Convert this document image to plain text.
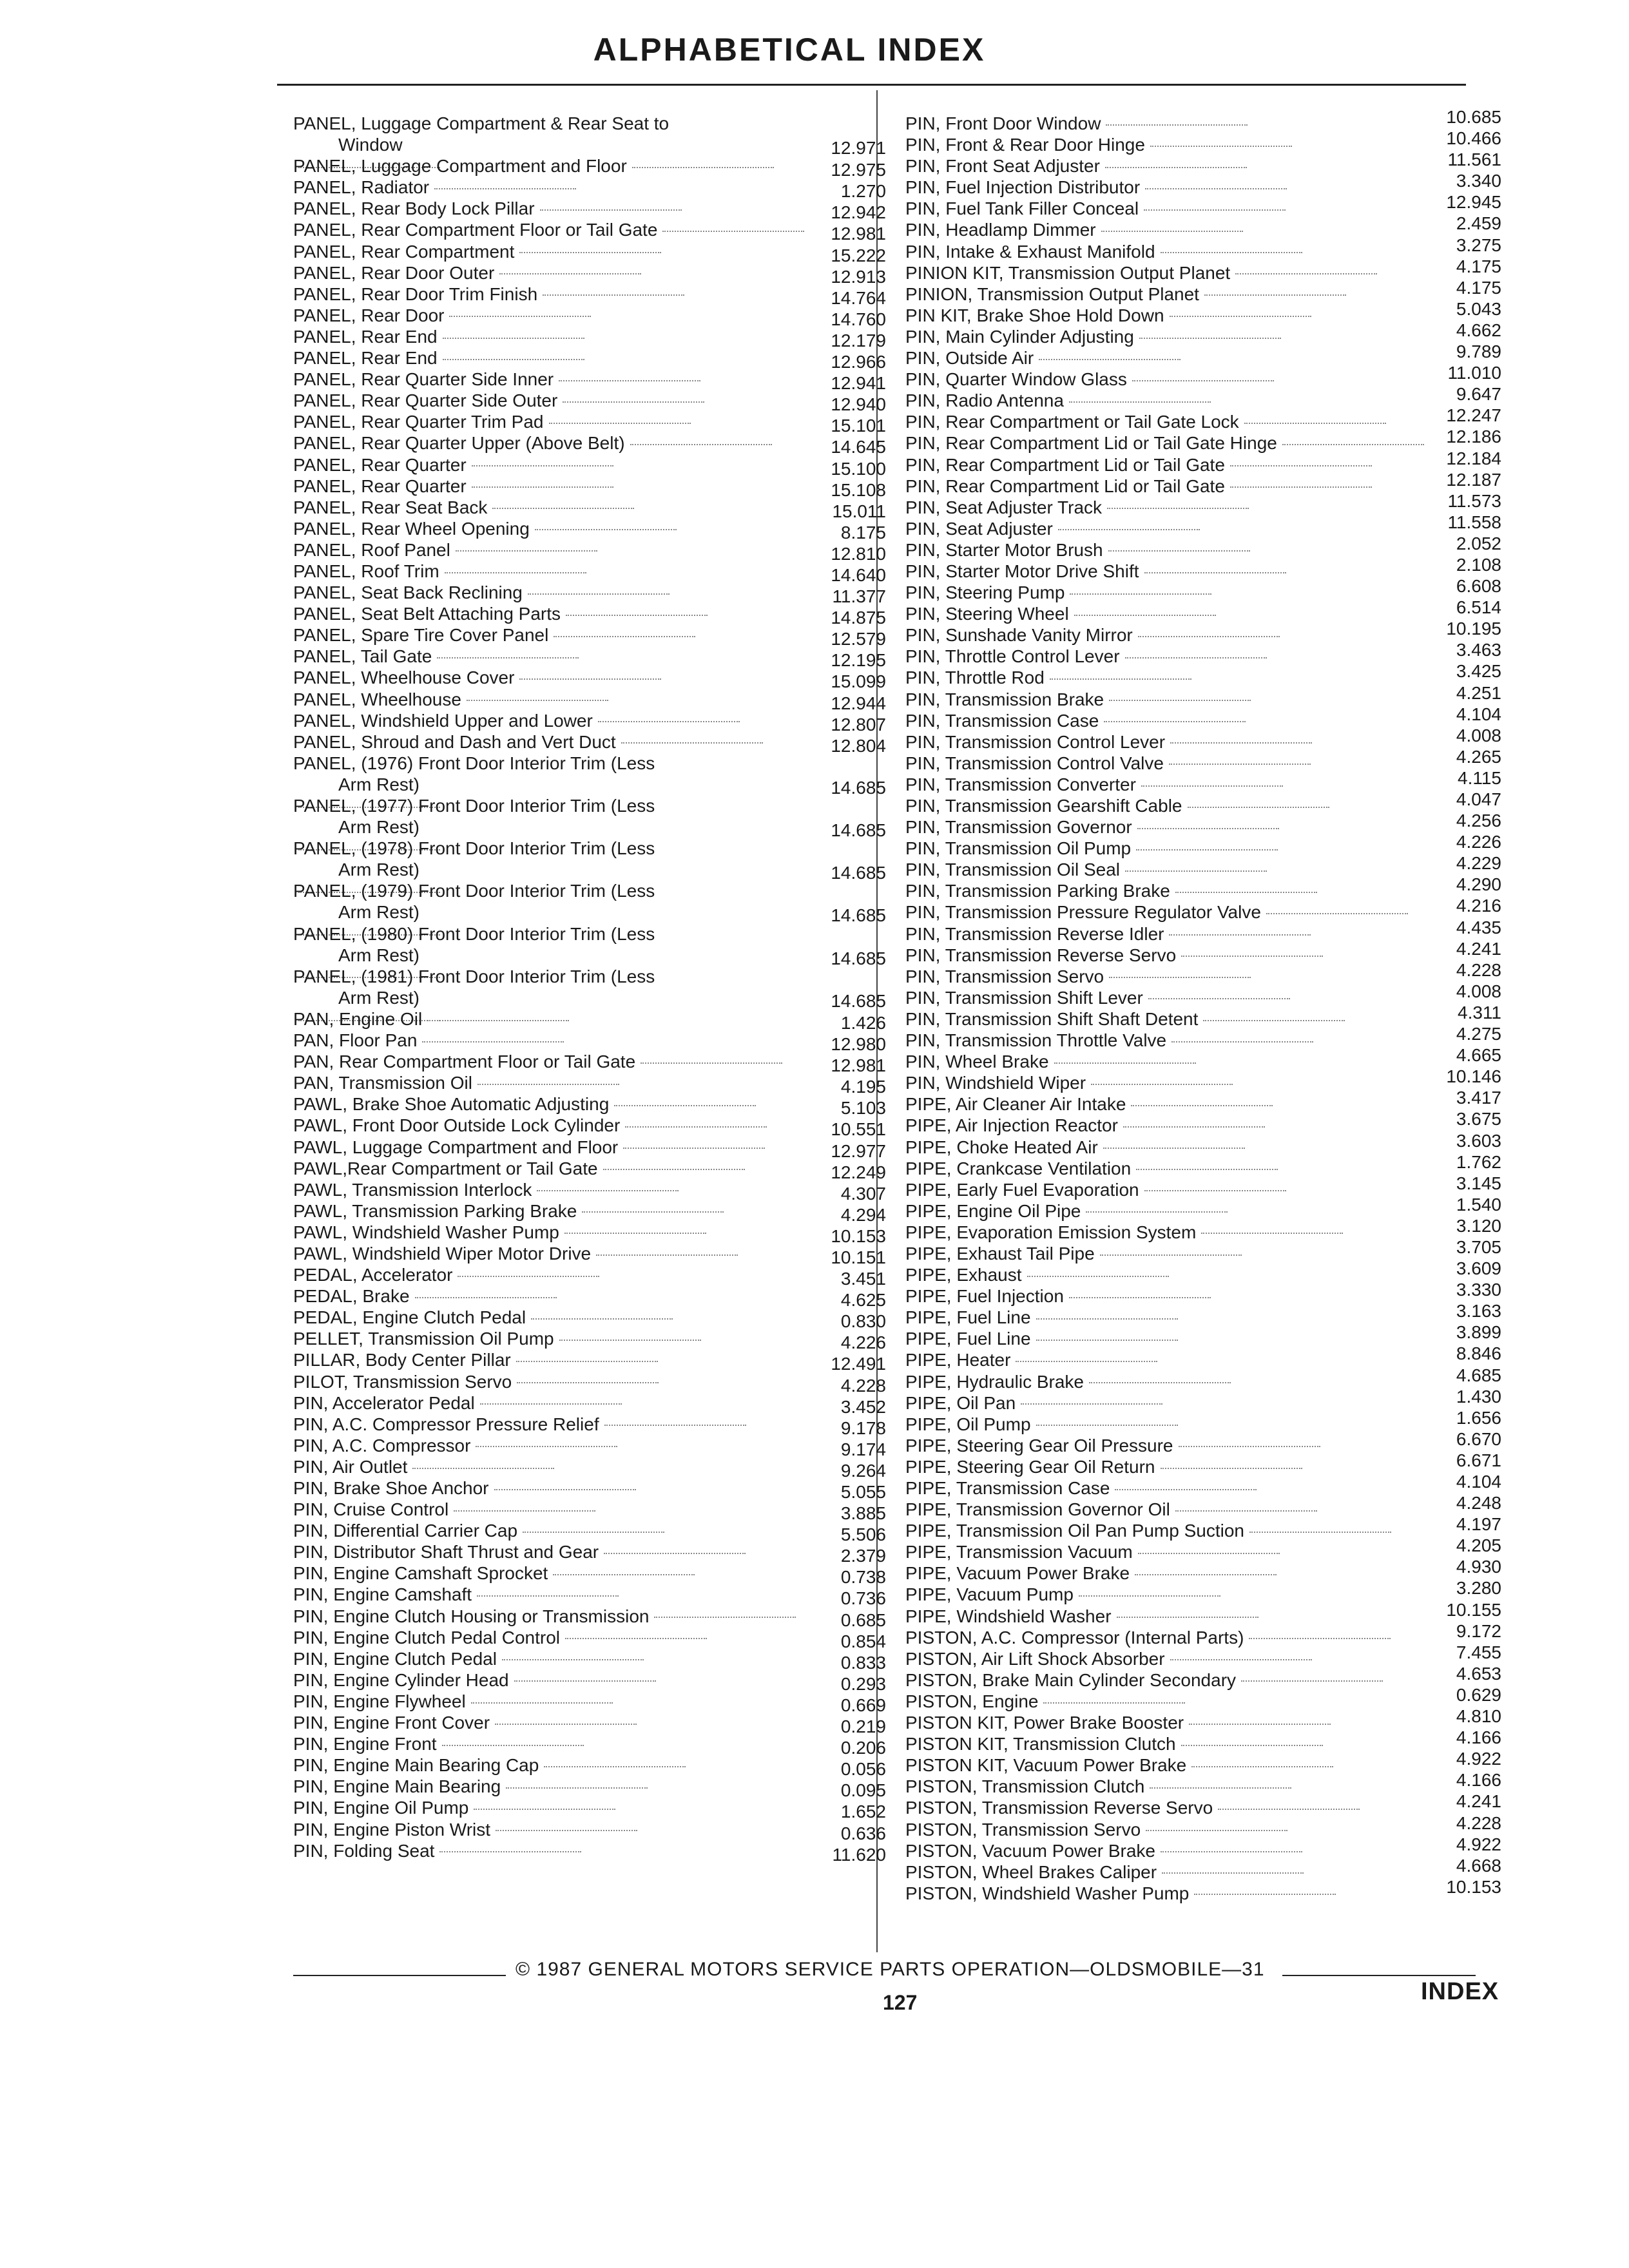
ALPHABETICAL INDEX
PANEL, Luggage Compartment & Rear Seat to
Window	12.971
PANEL, Luggage Compartment and Floor	12.975
PANEL, Radiator	1.270
PANEL, Rear Body Lock Pillar	12.942
PANEL, Rear Compartment Floor or Tail Gate	12.981
PANEL, Rear Compartment	15.222
PANEL, Rear Door Outer	12.913
PANEL, Rear Door Trim Finish	14.764
PANEL, Rear Door	14.760
PANEL, Rear End	12.179
PANEL, Rear End	12.966
PANEL, Rear Quarter Side Inner	12.941
PANEL, Rear Quarter Side Outer	12.940
PANEL, Rear Quarter Trim Pad	15.101
PANEL, Rear Quarter Upper (Above Belt)	14.645
PANEL, Rear Quarter	15.100
PANEL, Rear Quarter	15.108
PANEL, Rear Seat Back	15.011
PANEL, Rear Wheel Opening	8.175
PANEL, Roof Panel	12.810
PANEL, Roof Trim	14.640
PANEL, Seat Back Reclining	11.377
PANEL, Seat Belt Attaching Parts	14.875
PANEL, Spare Tire Cover Panel	12.579
PANEL, Tail Gate	12.195
PANEL, Wheelhouse Cover	15.099
PANEL, Wheelhouse	12.944
PANEL, Windshield Upper and Lower	12.807
PANEL, Shroud and Dash and Vert Duct	12.804
PANEL, (1976) Front Door Interior Trim (Less
Arm Rest)	14.685
PANEL, (1977) Front Door Interior Trim (Less
Arm Rest)	14.685
PANEL, (1978) Front Door Interior Trim (Less
Arm Rest)	14.685
PANEL, (1979) Front Door Interior Trim (Less
Arm Rest)	14.685
PANEL, (1980) Front Door Interior Trim (Less
Arm Rest)	14.685
PANEL, (1981) Front Door Interior Trim (Less
Arm Rest)	14.685
PAN, Engine Oil	1.426
PAN, Floor Pan	12.980
PAN, Rear Compartment Floor or Tail Gate	12.981
PAN, Transmission Oil	4.195
PAWL, Brake Shoe Automatic Adjusting	5.103
PAWL, Front Door Outside Lock Cylinder	10.551
PAWL, Luggage Compartment and Floor	12.977
PAWL,Rear Compartment or Tail Gate	12.249
PAWL, Transmission Interlock	4.307
PAWL, Transmission Parking Brake	4.294
PAWL, Windshield Washer Pump	10.153
PAWL, Windshield Wiper Motor Drive	10.151
PEDAL, Accelerator	3.451
PEDAL, Brake	4.625
PEDAL, Engine Clutch Pedal	0.830
PELLET, Transmission Oil Pump	4.226
PILLAR, Body Center Pillar	12.491
PILOT, Transmission Servo	4.228
PIN, Accelerator Pedal	3.452
PIN, A.C. Compressor Pressure Relief	9.178
PIN, A.C. Compressor	9.174
PIN, Air Outlet	9.264
PIN, Brake Shoe Anchor	5.055
PIN, Cruise Control	3.885
PIN, Differential Carrier Cap	5.506
PIN, Distributor Shaft Thrust and Gear	2.379
PIN, Engine Camshaft Sprocket	0.738
PIN, Engine Camshaft	0.736
PIN, Engine Clutch Housing or Transmission	0.685
PIN, Engine Clutch Pedal Control	0.854
PIN, Engine Clutch Pedal	0.833
PIN, Engine Cylinder Head	0.293
PIN, Engine Flywheel	0.669
PIN, Engine Front Cover	0.219
PIN, Engine Front	0.206
PIN, Engine Main Bearing Cap	0.056
PIN, Engine Main Bearing	0.095
PIN, Engine Oil Pump	1.652
PIN, Engine Piston Wrist	0.636
PIN, Folding Seat	11.620
PIN, Front Door Window	10.685
PIN, Front & Rear Door Hinge	10.466
PIN, Front Seat Adjuster	11.561
PIN, Fuel Injection Distributor	3.340
PIN, Fuel Tank Filler Conceal	12.945
PIN, Headlamp Dimmer	2.459
PIN, Intake & Exhaust Manifold	3.275
PINION KIT, Transmission Output Planet	4.175
PINION, Transmission Output Planet	4.175
PIN KIT, Brake Shoe Hold Down	5.043
PIN, Main Cylinder Adjusting	4.662
PIN, Outside Air	9.789
PIN, Quarter Window Glass	11.010
PIN, Radio Antenna	9.647
PIN, Rear Compartment or Tail Gate Lock	12.247
PIN, Rear Compartment Lid or Tail Gate Hinge	12.186
PIN, Rear Compartment Lid or Tail Gate	12.184
PIN, Rear Compartment Lid or Tail Gate	12.187
PIN, Seat Adjuster Track	11.573
PIN, Seat Adjuster	11.558
PIN, Starter Motor Brush	2.052
PIN, Starter Motor Drive Shift	2.108
PIN, Steering Pump	6.608
PIN, Steering Wheel	6.514
PIN, Sunshade Vanity Mirror	10.195
PIN, Throttle Control Lever	3.463
PIN, Throttle Rod	3.425
PIN, Transmission Brake	4.251
PIN, Transmission Case	4.104
PIN, Transmission Control Lever	4.008
PIN, Transmission Control Valve	4.265
PIN, Transmission Converter	4.115
PIN, Transmission Gearshift Cable	4.047
PIN, Transmission Governor	4.256
PIN, Transmission Oil Pump	4.226
PIN, Transmission Oil Seal	4.229
PIN, Transmission Parking Brake	4.290
PIN, Transmission Pressure Regulator Valve	4.216
PIN, Transmission Reverse Idler	4.435
PIN, Transmission Reverse Servo	4.241
PIN, Transmission Servo	4.228
PIN, Transmission Shift Lever	4.008
PIN, Transmission Shift Shaft Detent	4.311
PIN, Transmission Throttle Valve	4.275
PIN, Wheel Brake	4.665
PIN, Windshield Wiper	10.146
PIPE, Air Cleaner Air Intake	3.417
PIPE, Air Injection Reactor	3.675
PIPE, Choke Heated Air	3.603
PIPE, Crankcase Ventilation	1.762
PIPE, Early Fuel Evaporation	3.145
PIPE, Engine Oil Pipe	1.540
PIPE, Evaporation Emission System	3.120
PIPE, Exhaust Tail Pipe	3.705
PIPE, Exhaust	3.609
PIPE, Fuel Injection	3.330
PIPE, Fuel Line	3.163
PIPE, Fuel Line	3.899
PIPE, Heater	8.846
PIPE, Hydraulic Brake	4.685
PIPE, Oil Pan	1.430
PIPE, Oil Pump	1.656
PIPE, Steering Gear Oil Pressure	6.670
PIPE, Steering Gear Oil Return	6.671
PIPE, Transmission Case	4.104
PIPE, Transmission Governor Oil	4.248
PIPE, Transmission Oil Pan Pump Suction	4.197
PIPE, Transmission Vacuum	4.205
PIPE, Vacuum Power Brake	4.930
PIPE, Vacuum Pump	3.280
PIPE, Windshield Washer	10.155
PISTON, A.C. Compressor (Internal Parts)	9.172
PISTON, Air Lift Shock Absorber	7.455
PISTON, Brake Main Cylinder Secondary	4.653
PISTON, Engine	0.629
PISTON KIT, Power Brake Booster	4.810
PISTON KIT, Transmission Clutch	4.166
PISTON KIT, Vacuum Power Brake	4.922
PISTON, Transmission Clutch	4.166
PISTON, Transmission Reverse Servo	4.241
PISTON, Transmission Servo	4.228
PISTON, Vacuum Power Brake	4.922
PISTON, Wheel Brakes Caliper	4.668
PISTON, Windshield Washer Pump	10.153
© 1987 GENERAL MOTORS SERVICE PARTS OPERATION—OLDSMOBILE—31
127	INDEX
